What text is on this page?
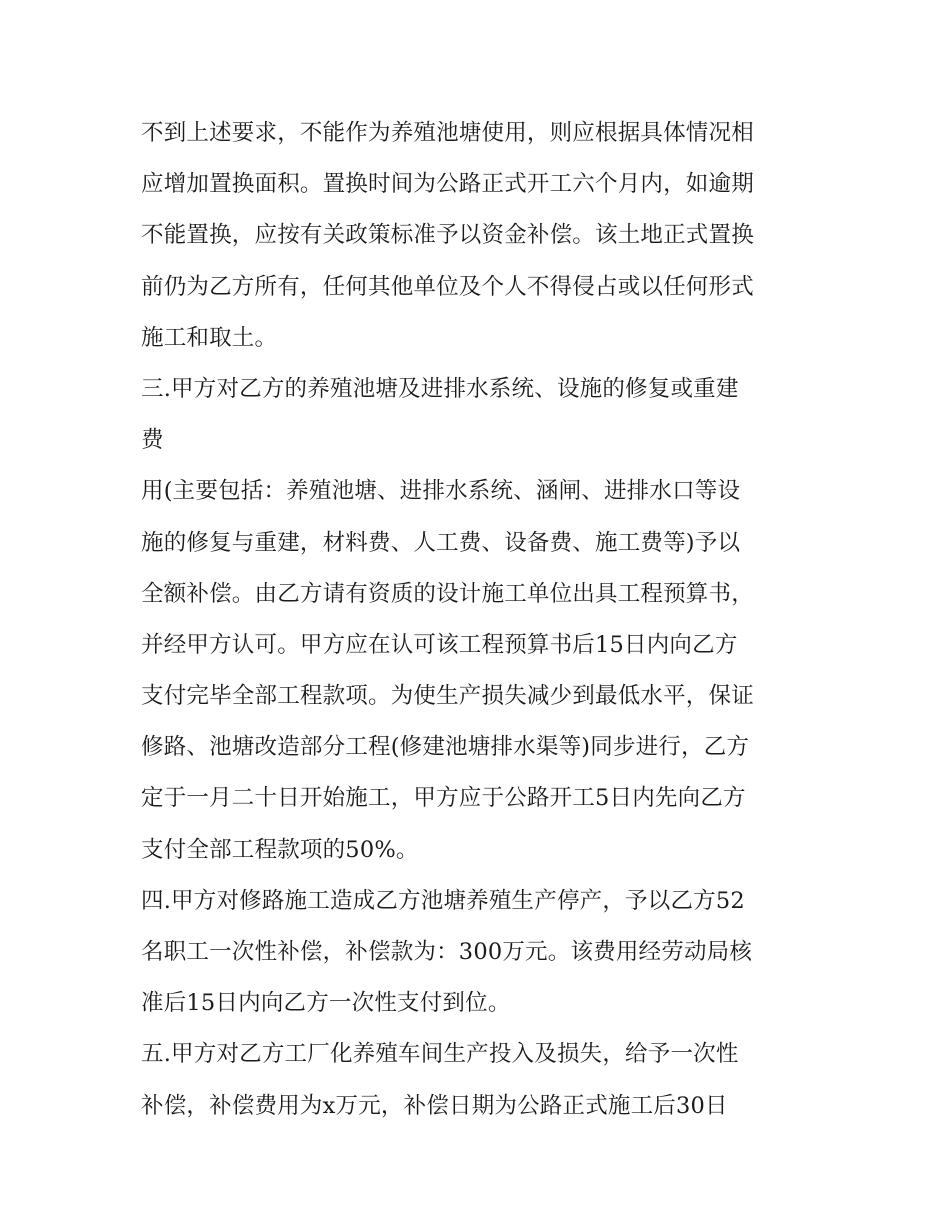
不到上述要求，不能作为养殖池塘使用，则应根据具体情况相
应增加置换面积。置换时间为公路正式开工六个月内，如逾期
不能置换，应按有关政策标准予以资金补偿。该土地正式置换
前仍为乙方所有，任何其他单位及个人不得侵占或以任何形式
施工和取土。
三.甲方对乙方的养殖池塘及进排水系统、设施的修复或重建
费
用(主要包括：养殖池塘、进排水系统、涵闸、进排水口等设
施的修复与重建，材料费、人工费、设备费、施工费等)予以
全额补偿。由乙方请有资质的设计施工单位出具工程预算书，
并经甲方认可。甲方应在认可该工程预算书后15日内向乙方
支付完毕全部工程款项。为使生产损失减少到最低水平，保证
修路、池塘改造部分工程(修建池塘排水渠等)同步进行，乙方
定于一月二十日开始施工，甲方应于公路开工5日内先向乙方
支付全部工程款项的50%。
四.甲方对修路施工造成乙方池塘养殖生产停产，予以乙方52
名职工一次性补偿，补偿款为：300万元。该费用经劳动局核
准后15日内向乙方一次性支付到位。
五.甲方对乙方工厂化养殖车间生产投入及损失，给予一次性
补偿，补偿费用为x万元，补偿日期为公路正式施工后30日
